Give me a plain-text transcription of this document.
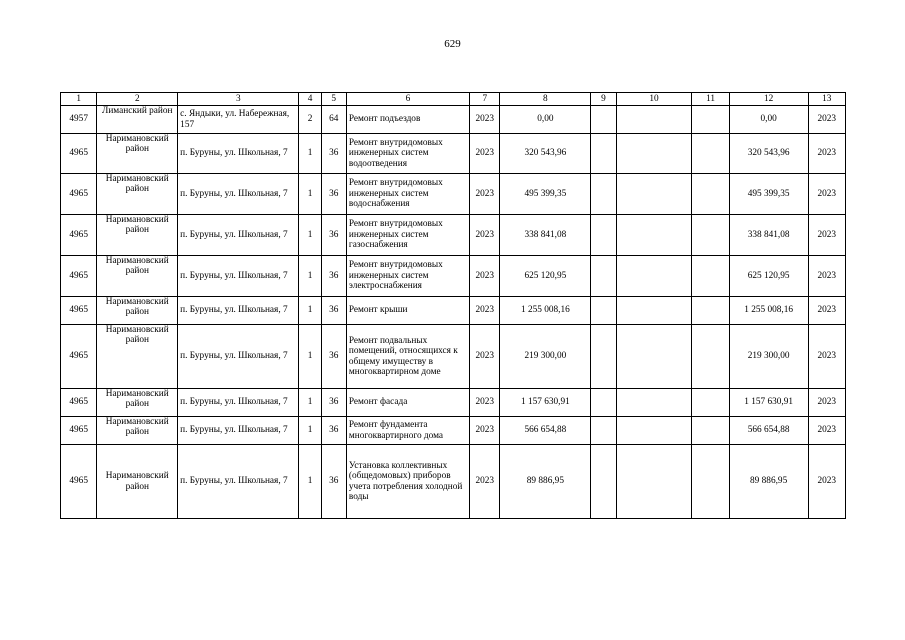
629
1	2	3	4	5	6	7	8	9	10	11	12	13
4957	Лиманский район	с. Яндыки, ул. Набережная, 157	2	64	Ремонт подъездов	2023	0,00				0,00	2023
4965	Наримановский район	п. Буруны, ул. Школьная, 7	1	36	Ремонт внутридомовых инженерных систем водоотведения	2023	320 543,96				320 543,96	2023
4965	Наримановский район	п. Буруны, ул. Школьная, 7	1	36	Ремонт внутридомовых инженерных систем водоснабжения	2023	495 399,35				495 399,35	2023
4965	Наримановский район	п. Буруны, ул. Школьная, 7	1	36	Ремонт внутридомовых инженерных систем газоснабжения	2023	338 841,08				338 841,08	2023
4965	Наримановский район	п. Буруны, ул. Школьная, 7	1	36	Ремонт внутридомовых инженерных систем электроснабжения	2023	625 120,95				625 120,95	2023
4965	Наримановский район	п. Буруны, ул. Школьная, 7	1	36	Ремонт крыши	2023	1 255 008,16				1 255 008,16	2023
4965	Наримановский район	п. Буруны, ул. Школьная, 7	1	36	Ремонт подвальных помещений, относящихся к общему имуществу в многоквартирном доме	2023	219 300,00				219 300,00	2023
4965	Наримановский район	п. Буруны, ул. Школьная, 7	1	36	Ремонт фасада	2023	1 157 630,91				1 157 630,91	2023
4965	Наримановский район	п. Буруны, ул. Школьная, 7	1	36	Ремонт фундамента многоквартирного дома	2023	566 654,88				566 654,88	2023
4965	Наримановский район	п. Буруны, ул. Школьная, 7	1	36	Установка коллективных (общедомовых) приборов учета потребления холодной воды	2023	89 886,95				89 886,95	2023
